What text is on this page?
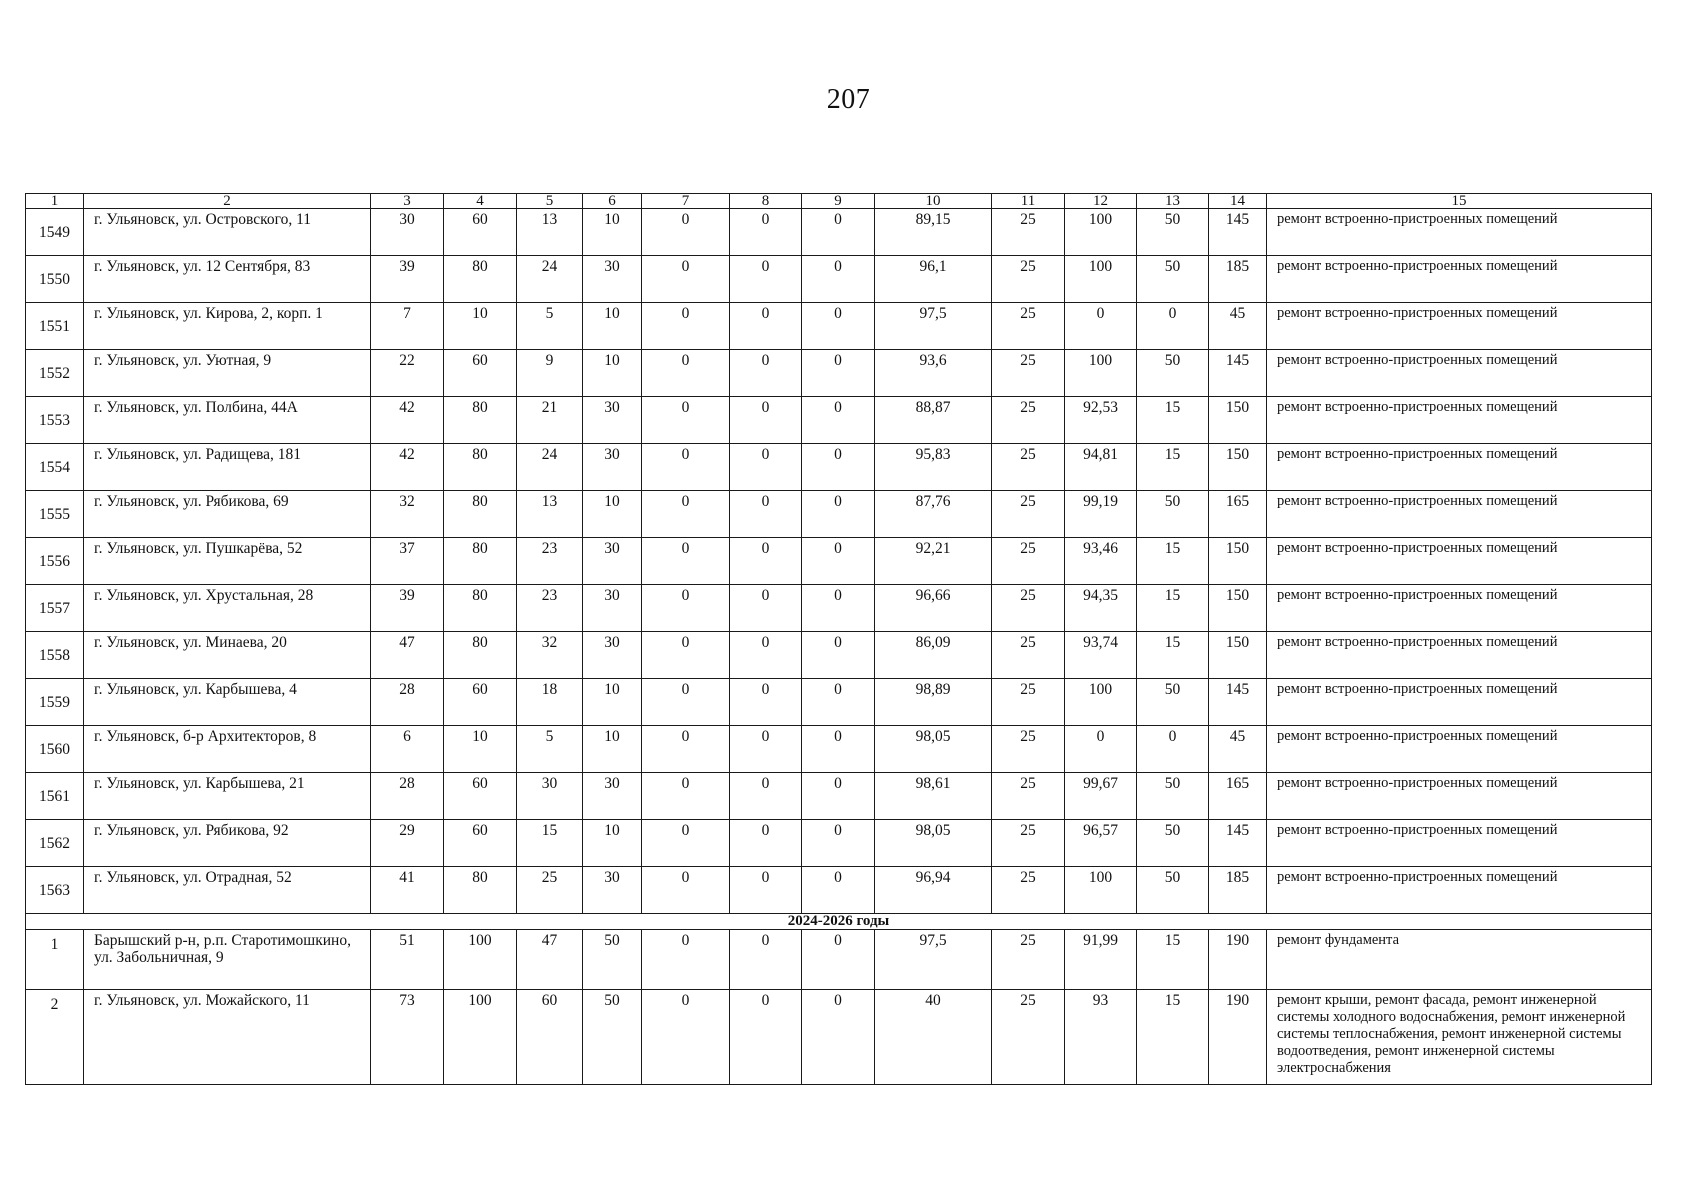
207
1	2	3	4	5	6	7	8	9	10	11	12	13	14	15
1549	г. Ульяновск, ул. Островского, 11	30	60	13	10	0	0	0	89,15	25	100	50	145	ремонт встроенно-пристроенных помещений
1550	г. Ульяновск, ул. 12 Сентября, 83	39	80	24	30	0	0	0	96,1	25	100	50	185	ремонт встроенно-пристроенных помещений
1551	г. Ульяновск, ул. Кирова, 2, корп. 1	7	10	5	10	0	0	0	97,5	25	0	0	45	ремонт встроенно-пристроенных помещений
1552	г. Ульяновск, ул. Уютная, 9	22	60	9	10	0	0	0	93,6	25	100	50	145	ремонт встроенно-пристроенных помещений
1553	г. Ульяновск, ул. Полбина, 44А	42	80	21	30	0	0	0	88,87	25	92,53	15	150	ремонт встроенно-пристроенных помещений
1554	г. Ульяновск, ул. Радищева, 181	42	80	24	30	0	0	0	95,83	25	94,81	15	150	ремонт встроенно-пристроенных помещений
1555	г. Ульяновск, ул. Рябикова, 69	32	80	13	10	0	0	0	87,76	25	99,19	50	165	ремонт встроенно-пристроенных помещений
1556	г. Ульяновск, ул. Пушкарёва, 52	37	80	23	30	0	0	0	92,21	25	93,46	15	150	ремонт встроенно-пристроенных помещений
1557	г. Ульяновск, ул. Хрустальная, 28	39	80	23	30	0	0	0	96,66	25	94,35	15	150	ремонт встроенно-пристроенных помещений
1558	г. Ульяновск, ул. Минаева, 20	47	80	32	30	0	0	0	86,09	25	93,74	15	150	ремонт встроенно-пристроенных помещений
1559	г. Ульяновск, ул. Карбышева, 4	28	60	18	10	0	0	0	98,89	25	100	50	145	ремонт встроенно-пристроенных помещений
1560	г. Ульяновск, б-р Архитекторов, 8	6	10	5	10	0	0	0	98,05	25	0	0	45	ремонт встроенно-пристроенных помещений
1561	г. Ульяновск, ул. Карбышева, 21	28	60	30	30	0	0	0	98,61	25	99,67	50	165	ремонт встроенно-пристроенных помещений
1562	г. Ульяновск, ул. Рябикова, 92	29	60	15	10	0	0	0	98,05	25	96,57	50	145	ремонт встроенно-пристроенных помещений
1563	г. Ульяновск, ул. Отрадная, 52	41	80	25	30	0	0	0	96,94	25	100	50	185	ремонт встроенно-пристроенных помещений
2024-2026 годы														
1	Барышский р-н, р.п. Старотимошкино, ул. Забольничная, 9	51	100	47	50	0	0	0	97,5	25	91,99	15	190	ремонт фундамента
2	г. Ульяновск, ул. Можайского, 11	73	100	60	50	0	0	0	40	25	93	15	190	ремонт крыши, ремонт фасада, ремонт инженерной системы холодного водоснабжения, ремонт инженерной системы теплоснабжения, ремонт инженерной системы водоотведения, ремонт инженерной системы электроснабжения
